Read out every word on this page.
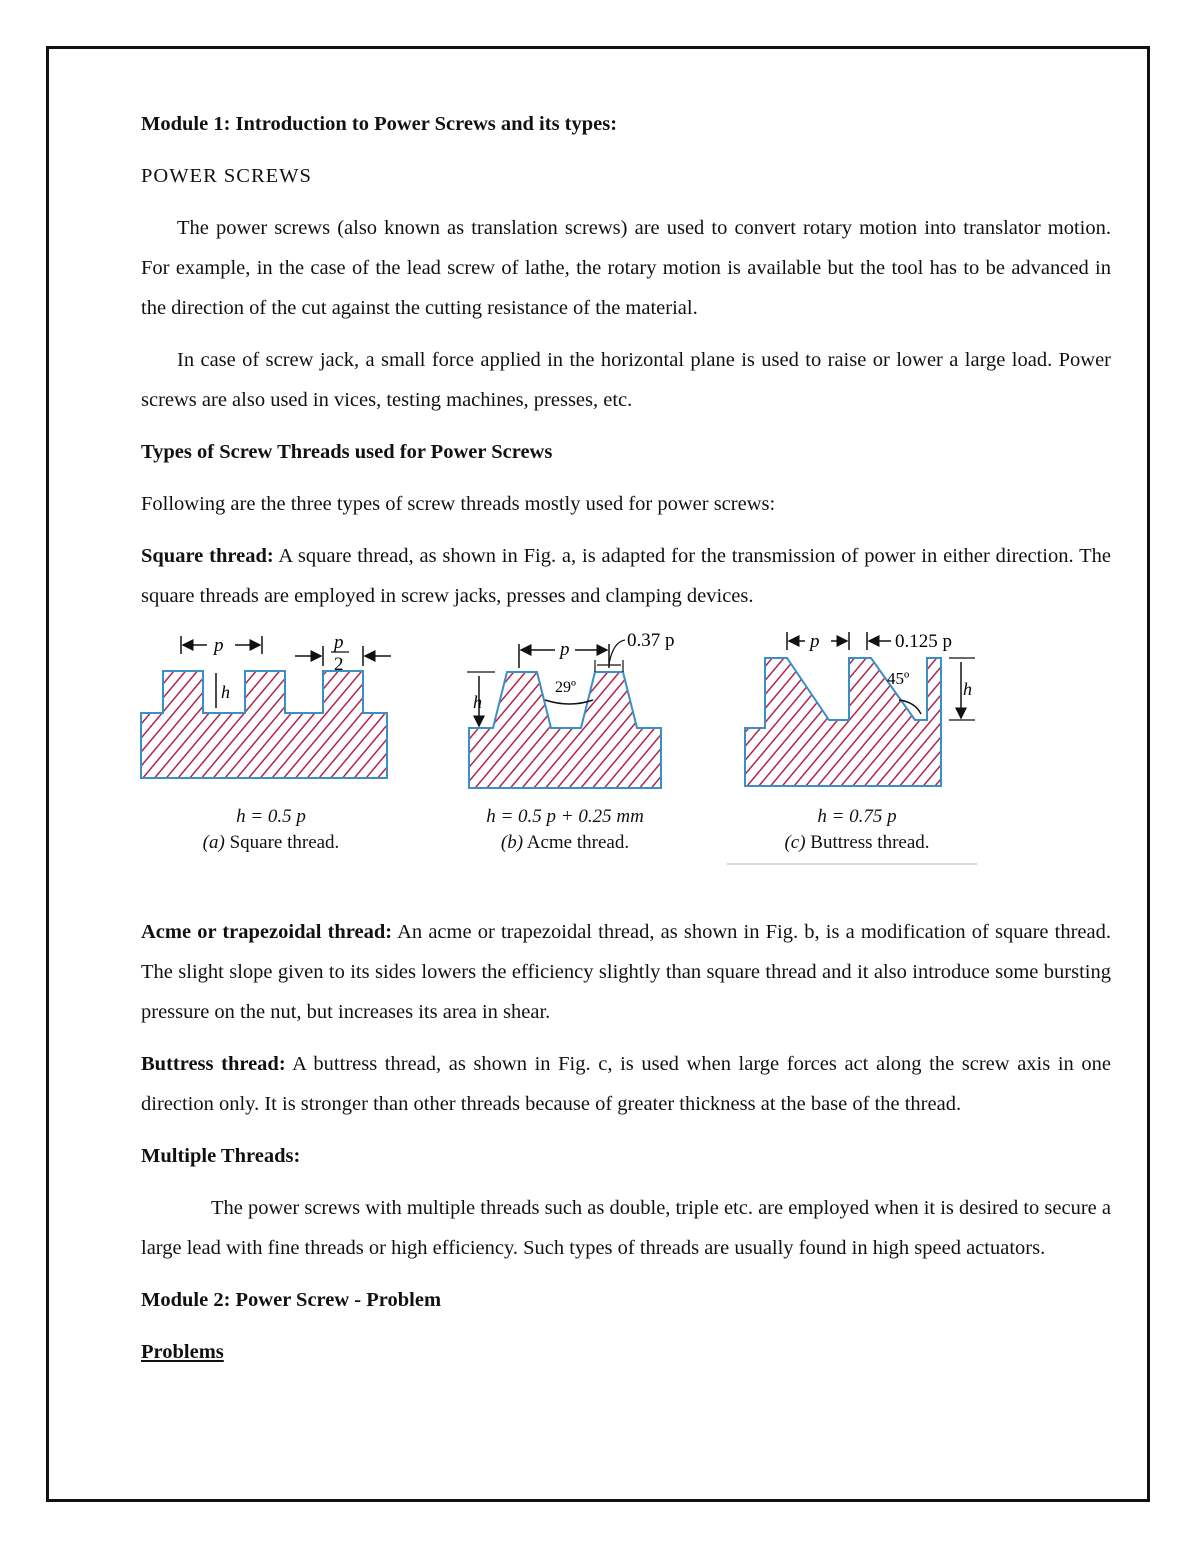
Module 1: Introduction to Power Screws and its types:

POWER SCREWS

The power screws (also known as translation screws) are used to convert rotary motion into translator motion. For example, in the case of the lead screw of lathe, the rotary motion is available but the tool has to be advanced in the direction of the cut against the cutting resistance of the material.

In case of screw jack, a small force applied in the horizontal plane is used to raise or lower a large load. Power screws are also used in vices, testing machines, presses, etc.

Types of Screw Threads used for Power Screws

Following are the three types of screw threads mostly used for power screws:

Square thread: A square thread, as shown in Fig. a, is adapted for the transmission of power in either direction. The square threads are employed in screw jacks, presses and clamping devices.

p
h
p
2
p
h
29º
0.37 p	p	0.125 p
45º
h
h = 0.5 p
(a) Square thread.
h = 0.5 p + 0.25 mm
(b) Acme thread.
h = 0.75 p
(c) Buttress thread.

Acme or trapezoidal thread: An acme or trapezoidal thread, as shown in Fig. b, is a modification of square thread. The slight slope given to its sides lowers the efficiency slightly than square thread and it also introduce some bursting pressure on the nut, but increases its area in shear.

Buttress thread: A buttress thread, as shown in Fig. c, is used when large forces act along the screw axis in one direction only. It is stronger than other threads because of greater thickness at the base of the thread.

Multiple Threads:

The power screws with multiple threads such as double, triple etc. are employed when it is desired to secure a large lead with fine threads or high efficiency. Such types of threads are usually found in high speed actuators.

Module 2: Power Screw - Problem

Problems
